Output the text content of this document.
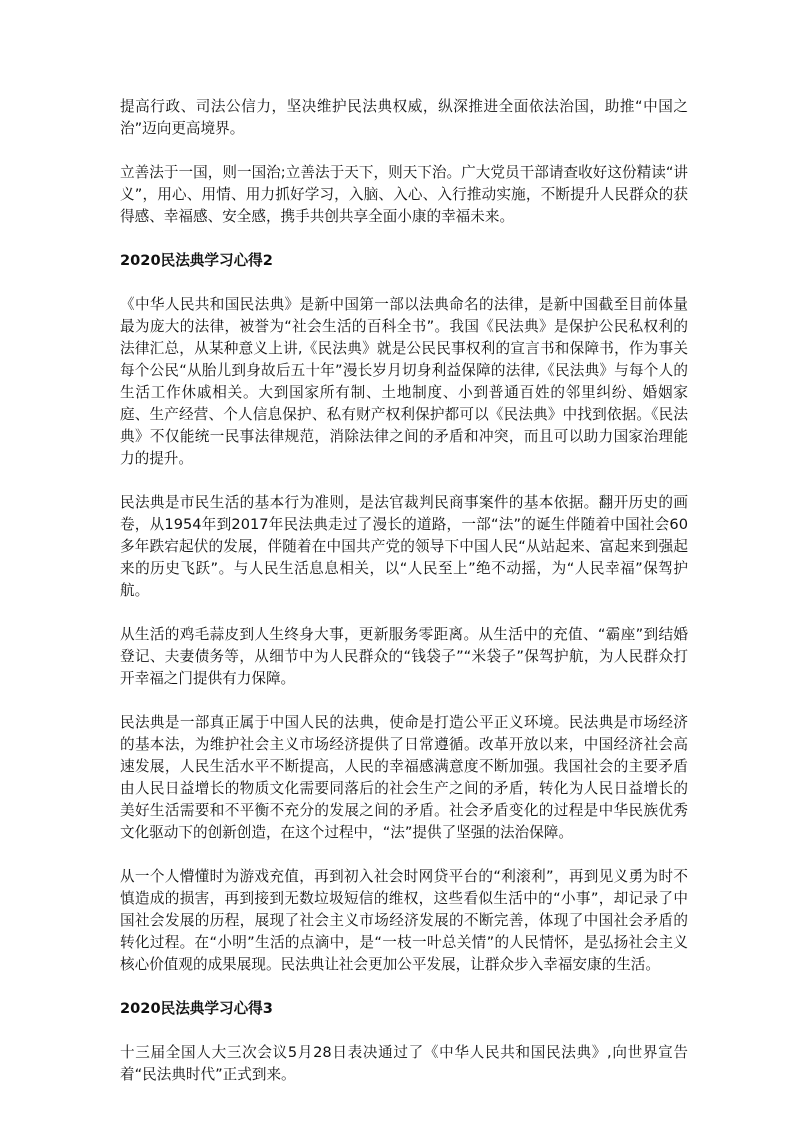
提高行政、司法公信力，坚决维护民法典权威，纵深推进全面依法治国，助推“中国之治”迈向更高境界。

立善法于一国，则一国治;立善法于天下，则天下治。广大党员干部请查收好这份精读“讲义”，用心、用情、用力抓好学习，入脑、入心、入行推动实施，不断提升人民群众的获得感、幸福感、安全感，携手共创共享全面小康的幸福未来。

2020民法典学习心得2

《中华人民共和国民法典》是新中国第一部以法典命名的法律，是新中国截至目前体量最为庞大的法律，被誉为“社会生活的百科全书”。我国《民法典》是保护公民私权利的法律汇总，从某种意义上讲,《民法典》就是公民民事权利的宣言书和保障书，作为事关每个公民“从胎儿到身故后五十年”漫长岁月切身利益保障的法律,《民法典》与每个人的生活工作休戚相关。大到国家所有制、土地制度、小到普通百姓的邻里纠纷、婚姻家庭、生产经营、个人信息保护、私有财产权利保护都可以《民法典》中找到依据。《民法典》不仅能统一民事法律规范，消除法律之间的矛盾和冲突，而且可以助力国家治理能力的提升。

民法典是市民生活的基本行为准则，是法官裁判民商事案件的基本依据。翻开历史的画卷，从1954年到2017年民法典走过了漫长的道路，一部“法”的诞生伴随着中国社会60多年跌宕起伏的发展，伴随着在中国共产党的领导下中国人民“从站起来、富起来到强起来的历史飞跃”。与人民生活息息相关，以“人民至上”绝不动摇，为“人民幸福”保驾护航。

从生活的鸡毛蒜皮到人生终身大事，更新服务零距离。从生活中的充值、“霸座”到结婚登记、夫妻债务等，从细节中为人民群众的“钱袋子”“米袋子”保驾护航，为人民群众打开幸福之门提供有力保障。

民法典是一部真正属于中国人民的法典，使命是打造公平正义环境。民法典是市场经济的基本法，为维护社会主义市场经济提供了日常遵循。改革开放以来，中国经济社会高速发展，人民生活水平不断提高，人民的幸福感满意度不断加强。我国社会的主要矛盾由人民日益增长的物质文化需要同落后的社会生产之间的矛盾，转化为人民日益增长的美好生活需要和不平衡不充分的发展之间的矛盾。社会矛盾变化的过程是中华民族优秀文化驱动下的创新创造，在这个过程中，“法”提供了坚强的法治保障。

从一个人懵懂时为游戏充值，再到初入社会时网贷平台的“利滚利”，再到见义勇为时不慎造成的损害，再到接到无数垃圾短信的维权，这些看似生活中的“小事”，却记录了中国社会发展的历程，展现了社会主义市场经济发展的不断完善，体现了中国社会矛盾的转化过程。在“小明”生活的点滴中，是“一枝一叶总关情”的人民情怀，是弘扬社会主义核心价值观的成果展现。民法典让社会更加公平发展，让群众步入幸福安康的生活。

2020民法典学习心得3

十三届全国人大三次会议5月28日表决通过了《中华人民共和国民法典》,向世界宣告着“民法典时代”正式到来。
